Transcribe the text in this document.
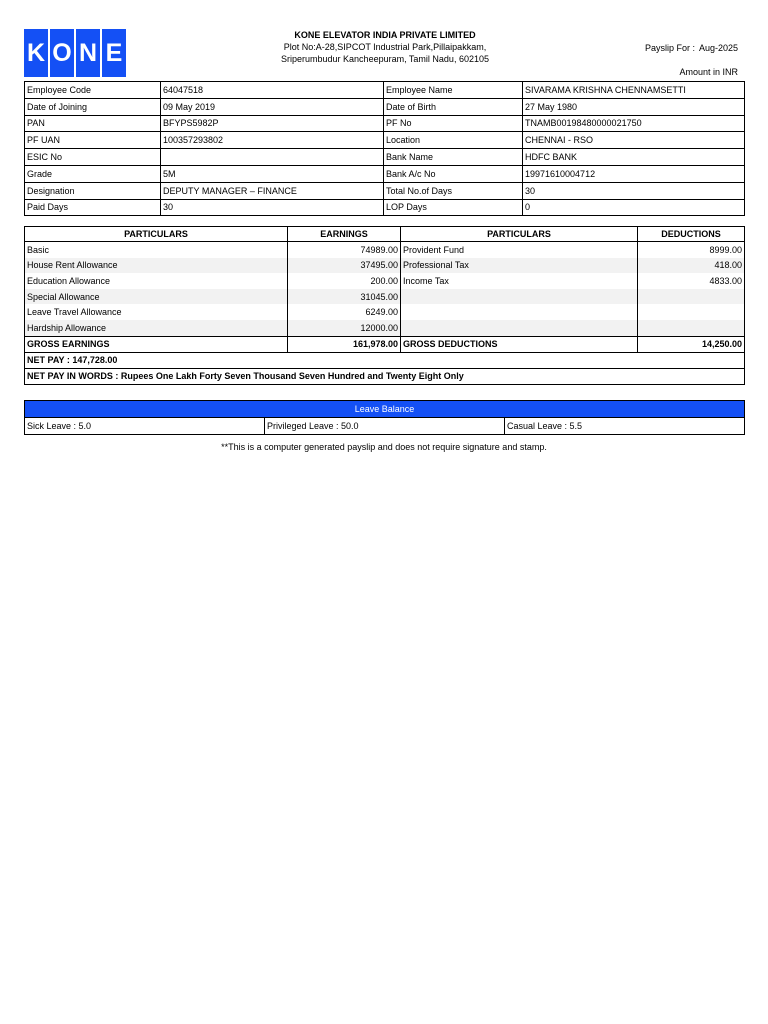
K O N E
KONE ELEVATOR INDIA PRIVATE LIMITED
Plot No:A-28,SIPCOT Industrial Park,Pillaipakkam,
Sriperumbudur Kancheepuram, Tamil Nadu, 602105
Payslip For : Aug-2025
Amount in INR
Employee Code	64047518	Employee Name	SIVARAMA KRISHNA CHENNAMSETTI
Date of Joining	09 May 2019	Date of Birth	27 May 1980
PAN	BFYPS5982P	PF No	TNAMB00198480000021750
PF UAN	100357293802	Location	CHENNAI - RSO
ESIC No		Bank Name	HDFC BANK
Grade	5M	Bank A/c No	19971610004712
Designation	DEPUTY MANAGER – FINANCE	Total No.of Days	30
Paid Days	30	LOP Days	0
PARTICULARS	EARNINGS	PARTICULARS	DEDUCTIONS
Basic	74989.00	Provident Fund	8999.00
House Rent Allowance	37495.00	Professional Tax	418.00
Education Allowance	200.00	Income Tax	4833.00
Special Allowance	31045.00		
Leave Travel Allowance	6249.00		
Hardship Allowance	12000.00		
GROSS EARNINGS	161,978.00	GROSS DEDUCTIONS	14,250.00
NET PAY : 147,728.00			
NET PAY IN WORDS : Rupees One Lakh Forty Seven Thousand Seven Hundred and Twenty Eight Only			
Leave Balance
Sick Leave : 5.0	Privileged Leave : 50.0	Casual Leave : 5.5
**This is a computer generated payslip and does not require signature and stamp.
